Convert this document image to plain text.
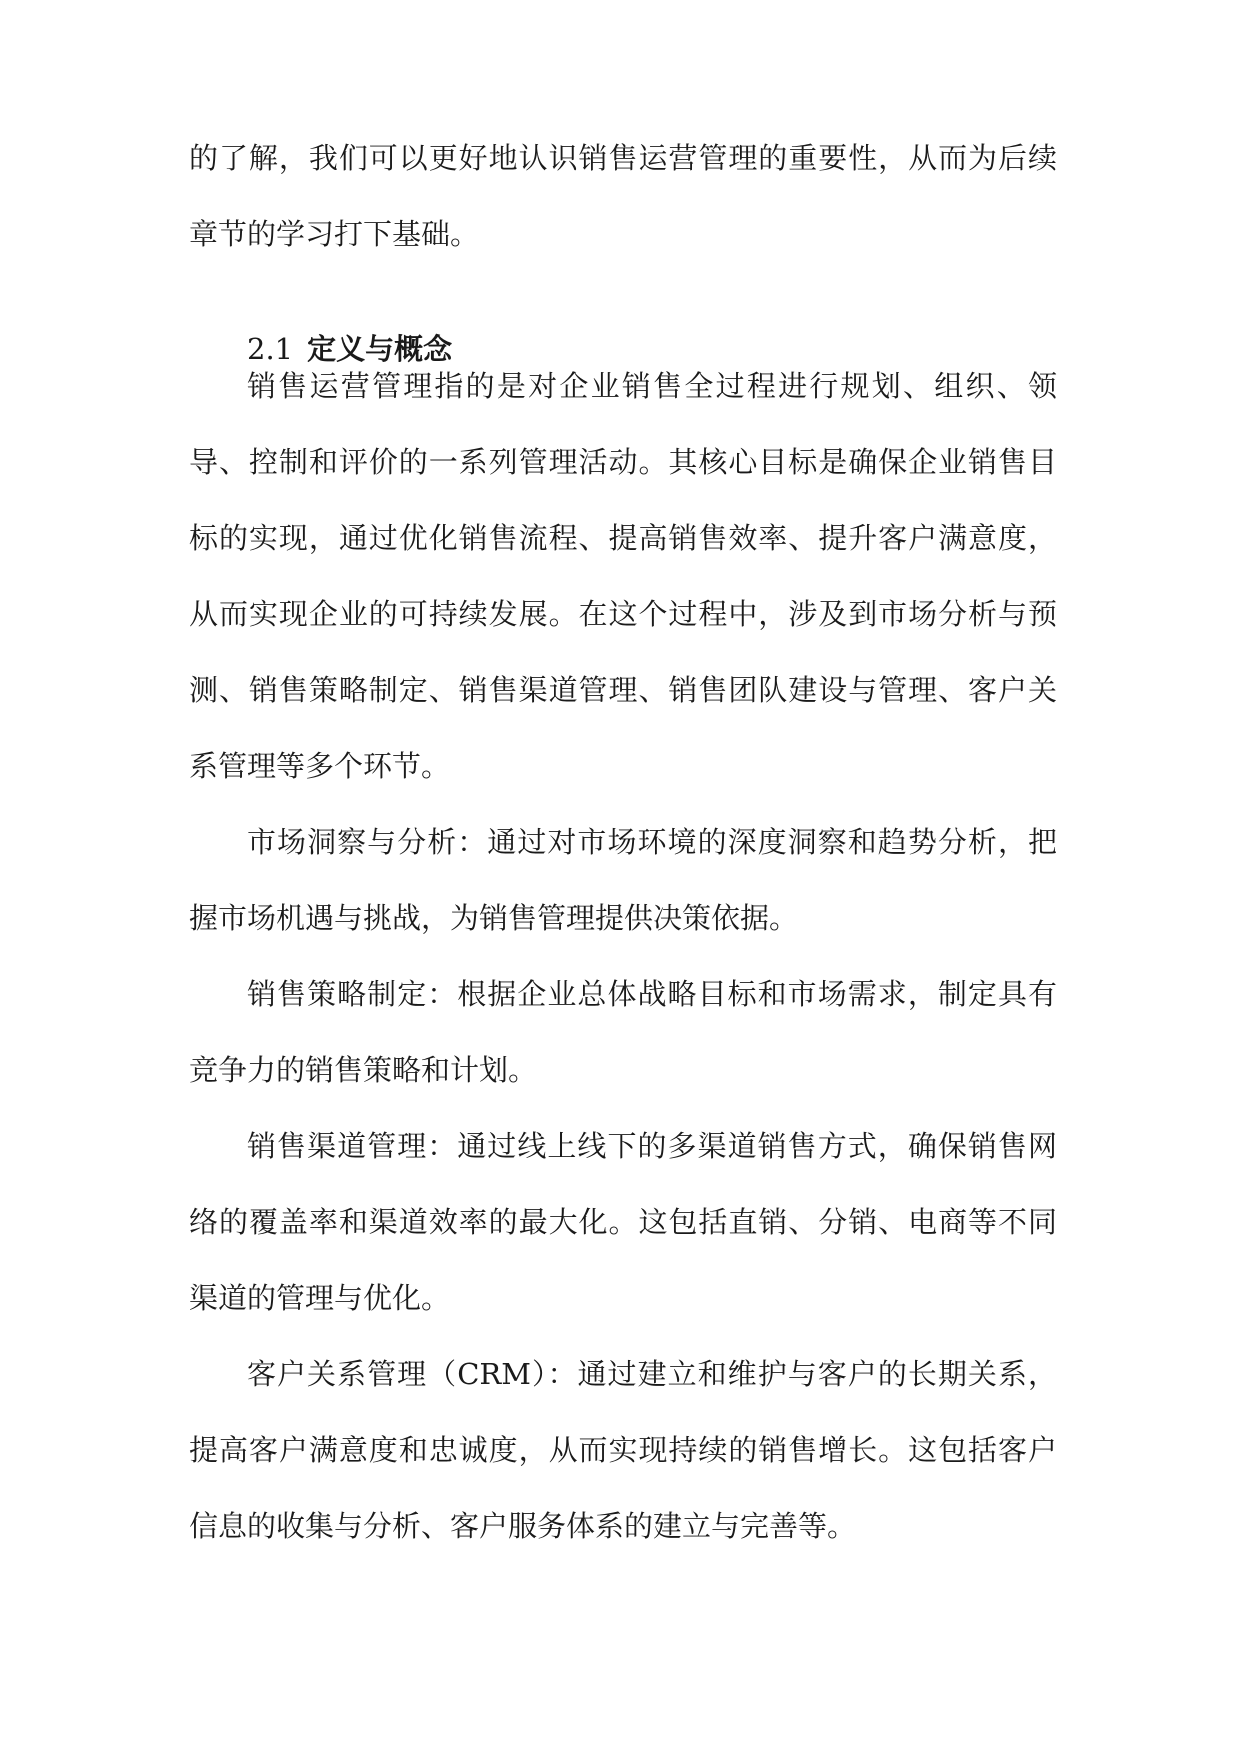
的了解，我们可以更好地认识销售运营管理的重要性，从而为后续章节的学习打下基础。

2.1 定义与概念

销售运营管理指的是对企业销售全过程进行规划、组织、领导、控制和评价的一系列管理活动。其核心目标是确保企业销售目标的实现，通过优化销售流程、提高销售效率、提升客户满意度，从而实现企业的可持续发展。在这个过程中，涉及到市场分析与预测、销售策略制定、销售渠道管理、销售团队建设与管理、客户关系管理等多个环节。

市场洞察与分析：通过对市场环境的深度洞察和趋势分析，把握市场机遇与挑战，为销售管理提供决策依据。

销售策略制定：根据企业总体战略目标和市场需求，制定具有竞争力的销售策略和计划。

销售渠道管理：通过线上线下的多渠道销售方式，确保销售网络的覆盖率和渠道效率的最大化。这包括直销、分销、电商等不同渠道的管理与优化。

客户关系管理（CRM）：通过建立和维护与客户的长期关系，提高客户满意度和忠诚度，从而实现持续的销售增长。这包括客户信息的收集与分析、客户服务体系的建立与完善等。
